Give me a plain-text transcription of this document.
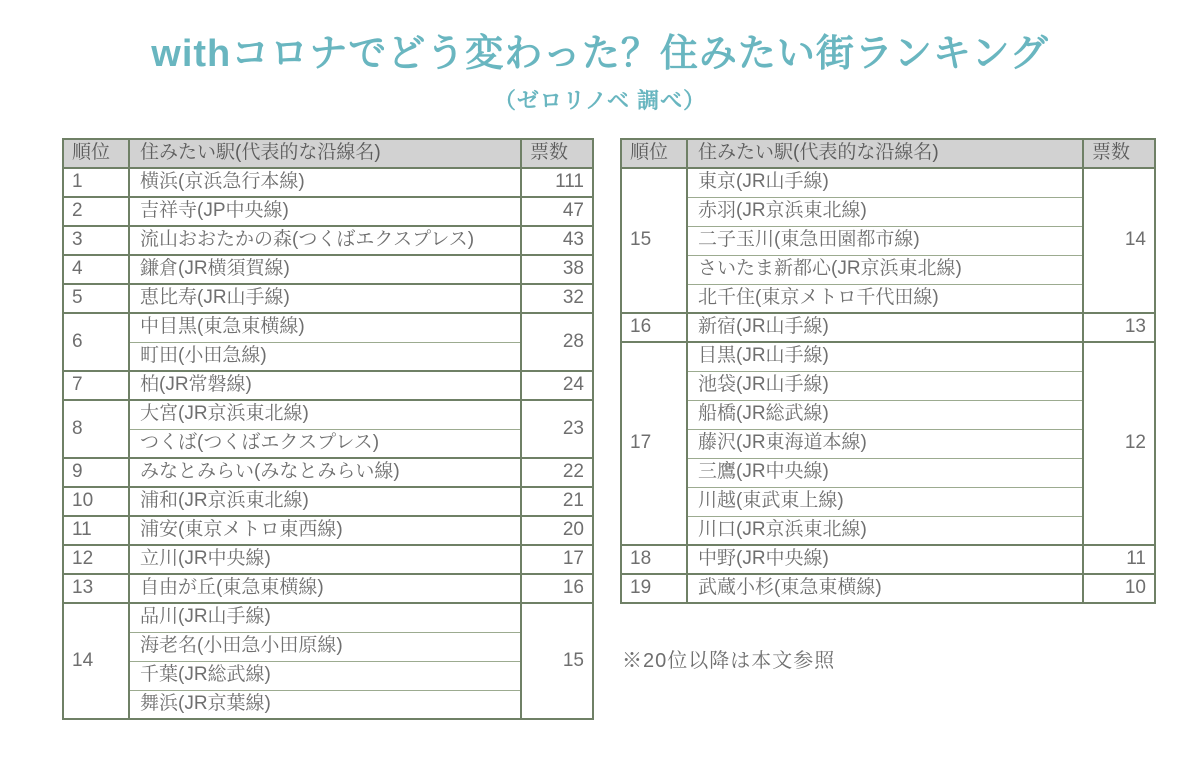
withコロナでどう変わった？住みたい街ランキング
（ゼロリノベ 調べ）
順位	住みたい駅(代表的な沿線名)	票数
1	横浜(京浜急行本線)	111
2	吉祥寺(JP中央線)	47
3	流山おおたかの森(つくばエクスプレス)	43
4	鎌倉(JR横須賀線)	38
5	恵比寿(JR山手線)	32
6	中目黒(東急東横線)	28
	町田(小田急線)	
7	柏(JR常磐線)	24
8	大宮(JR京浜東北線)	23
	つくば(つくばエクスプレス)	
9	みなとみらい(みなとみらい線)	22
10	浦和(JR京浜東北線)	21
11	浦安(東京メトロ東西線)	20
12	立川(JR中央線)	17
13	自由が丘(東急東横線)	16
14	品川(JR山手線)	15
	海老名(小田急小田原線)	
	千葉(JR総武線)	
	舞浜(JR京葉線)	
順位	住みたい駅(代表的な沿線名)	票数
15	東京(JR山手線)	14
	赤羽(JR京浜東北線)	
	二子玉川(東急田園都市線)	
	さいたま新都心(JR京浜東北線)	
	北千住(東京メトロ千代田線)	
16	新宿(JR山手線)	13
17	目黒(JR山手線)	12
	池袋(JR山手線)	
	船橋(JR総武線)	
	藤沢(JR東海道本線)	
	三鷹(JR中央線)	
	川越(東武東上線)	
	川口(JR京浜東北線)	
18	中野(JR中央線)	11
19	武蔵小杉(東急東横線)	10
※20位以降は本文参照
